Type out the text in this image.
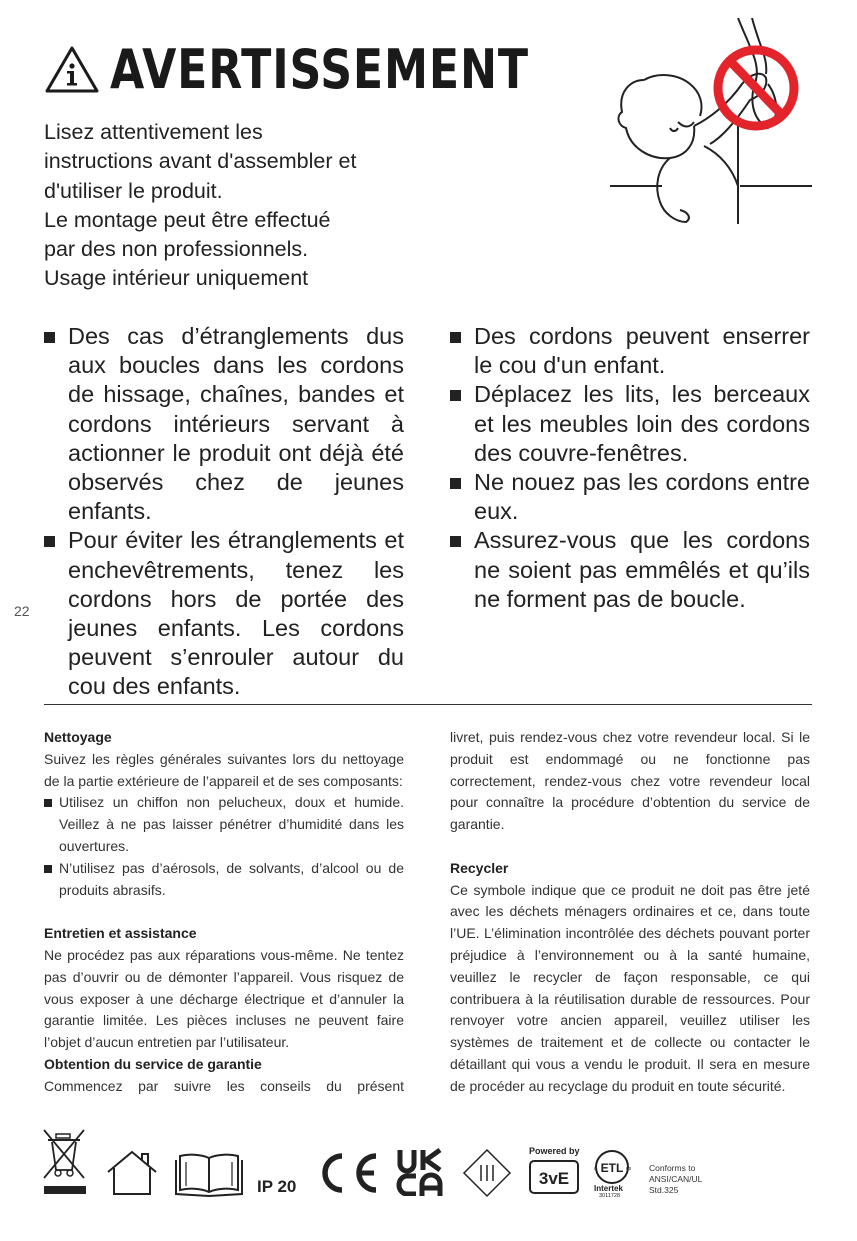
AVERTISSEMENT
Lisez attentivement les
instructions avant d'assembler et
d'utiliser le produit.
Le montage peut être effectué
par des non professionnels.
Usage intérieur uniquement
Des cas d’étranglements dus aux boucles dans les cordons de hissage, chaînes, bandes et cordons intérieurs servant à actionner le produit ont déjà été observés chez de jeunes enfants.
Pour éviter les étranglements et enchevêtrements, tenez les cordons hors de portée des jeunes enfants. Les cordons peuvent s’enrouler autour du cou des enfants.
Des cordons peuvent enserrer le cou d'un enfant.
Déplacez les lits, les berceaux et les meubles loin des cordons des couvre-fenêtres.
Ne nouez pas les cordons entre eux.
Assurez-vous que les cordons ne soient pas emmêlés et qu’ils ne forment pas de boucle.
22
Nettoyage

Suivez les règles générales suivantes lors du nettoyage de la partie extérieure de l’appareil et de ses composants:

Utilisez un chiffon non pelucheux, doux et humide. Veillez à ne pas laisser pénétrer d’humidité dans les ouvertures.
N’utilisez pas d’aérosols, de solvants, d’alcool ou de produits abrasifs.
Entretien et assistance

Ne procédez pas aux réparations vous-même. Ne tentez pas d’ouvrir ou de démonter l’appareil. Vous risquez de vous exposer à une décharge électrique et d’annuler la garantie limitée. Les pièces incluses ne peuvent faire l’objet d’aucun entretien par l’utilisateur.

Obtention du service de garantie

Commencez par suivre les conseils du présent

livret, puis rendez-vous chez votre revendeur local. Si le produit est endommagé ou ne fonctionne pas correctement, rendez-vous chez votre revendeur local pour connaître la procédure d’obtention du service de garantie.

Recycler

Ce symbole indique que ce produit ne doit pas être jeté avec les déchets ménagers ordinaires et ce, dans toute l’UE. L’élimination incontrôlée des déchets pouvant porter préjudice à l’environnement ou à la santé humaine, veuillez le recycler de façon responsable, ce qui contribuera à la réutilisation durable de ressources. Pour renvoyer votre ancien appareil, veuillez utiliser les systèmes de traitement et de collecte ou contacter le détaillant qui vous a vendu le produit. Il sera en mesure de procéder au recyclage du produit en toute sécurité.

3vE
ETL
c	us
IP 20
Powered by
Intertek
3011728
Conforms to
ANSI/CAN/UL
Std.325
